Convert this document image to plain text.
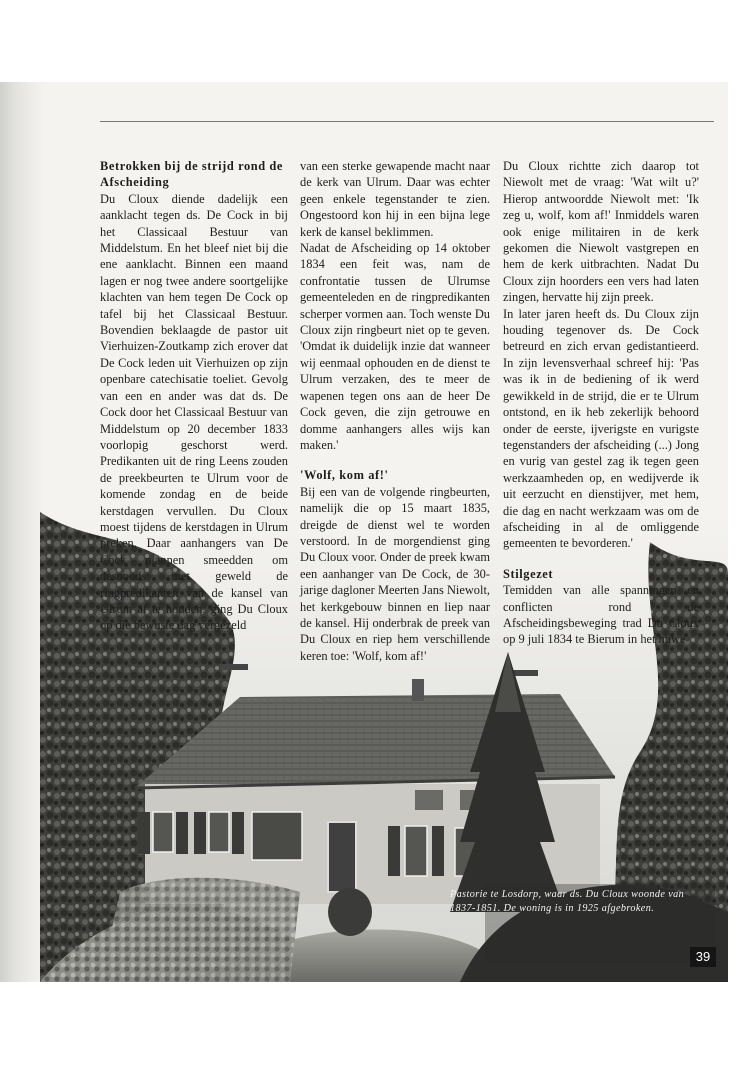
Betrokken bij de strijd rond de Afscheiding

Du Cloux diende dadelijk een aanklacht tegen ds. De Cock in bij het Classicaal Bestuur van Middelstum. En het bleef niet bij die ene aanklacht. Binnen een maand lagen er nog twee andere soortgelijke klachten van hem tegen De Cock op tafel bij het Classicaal Bestuur. Bovendien beklaagde de pastor uit Vierhuizen-Zoutkamp zich erover dat De Cock leden uit Vierhuizen op zijn openbare catechisatie toeliet. Gevolg van een en ander was dat ds. De Cock door het Classicaal Bestuur van Middelstum op 20 december 1833 voorlopig geschorst werd. Predikanten uit de ring Leens zouden de preekbeurten te Ulrum voor de komende zondag en de beide kerstdagen vervullen. Du Cloux moest tijdens de kerstdagen in Ulrum preken. Daar aanhangers van De Cock plannen smeedden om desnoods met geweld de ringpredikanten van de kansel van Ulrum af te houden, ging Du Cloux op die bewuste dag vergezeld

van een sterke gewapende macht naar de kerk van Ulrum. Daar was echter geen enkele tegenstander te zien. Ongestoord kon hij in een bijna lege kerk de kansel beklimmen.

Nadat de Afscheiding op 14 oktober 1834 een feit was, nam de confrontatie tussen de Ulrumse gemeenteleden en de ringpredikanten scherper vormen aan. Toch wenste Du Cloux zijn ringbeurt niet op te geven. 'Omdat ik duidelijk inzie dat wanneer wij eenmaal ophouden en de dienst te Ulrum verzaken, des te meer de wapenen tegen ons aan de heer De Cock geven, die zijn getrouwe en domme aanhangers alles wijs kan maken.'

'Wolf, kom af!'

Bij een van de volgende ringbeurten, namelijk die op 15 maart 1835, dreigde de dienst wel te worden verstoord. In de morgendienst ging Du Cloux voor. Onder de preek kwam een aanhanger van De Cock, de 30-jarige dagloner Meerten Jans Niewolt, het kerkgebouw binnen en liep naar de kansel. Hij onderbrak de preek van Du Cloux en riep hem verschillende keren toe: 'Wolf, kom af!'

Du Cloux richtte zich daarop tot Niewolt met de vraag: 'Wat wilt u?' Hierop antwoordde Niewolt met: 'Ik zeg u, wolf, kom af!' Inmiddels waren ook enige militairen in de kerk gekomen die Niewolt vastgrepen en hem de kerk uitbrachten. Nadat Du Cloux zijn hoorders een vers had laten zingen, hervatte hij zijn preek.

In later jaren heeft ds. Du Cloux zijn houding tegenover ds. De Cock betreurd en zich ervan gedistantieerd. In zijn levensverhaal schreef hij: 'Pas was ik in de bediening of ik werd gewikkeld in de strijd, die er te Ulrum ontstond, en ik heb zekerlijk behoord onder de eerste, ijverigste en vurigste tegenstanders der afscheiding (...) Jong en vurig van gestel zag ik tegen geen werkzaamheden op, en wedijverde ik uit eerzucht en dienstijver, met hem, die dag en nacht werkzaam was om de afscheiding in al de omliggende gemeenten te bevorderen.'

Stilgezet

Temidden van alle spanningen en conflicten rond de Afscheidingsbeweging trad Du Cloux op 9 juli 1834 te Bierum in het huwe-

Pastorie te Losdorp, waar ds. Du Cloux woonde van 1837-1851. De woning is in 1925 afgebroken.
39
